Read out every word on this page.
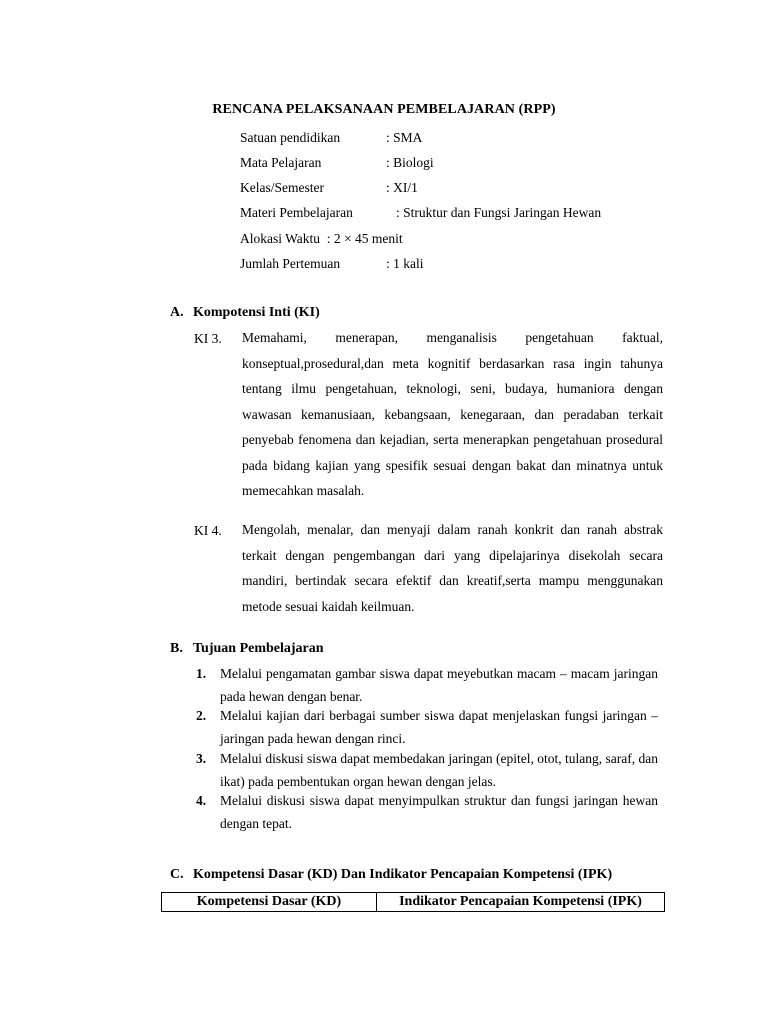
RENCANA PELAKSANAAN PEMBELAJARAN (RPP)
Satuan pendidikan	: SMA
Mata Pelajaran	: Biologi
Kelas/Semester	: XI/1
Materi Pembelajaran	: Struktur dan Fungsi Jaringan Hewan
Alokasi Waktu  : 2 × 45 menit
Jumlah Pertemuan	: 1 kali
A. Kompotensi Inti (KI)
KI 3. Memahami, menerapan, menganalisis pengetahuan faktual, konseptual,prosedural,dan meta kognitif berdasarkan rasa ingin tahunya tentang ilmu pengetahuan, teknologi, seni, budaya, humaniora dengan wawasan kemanusiaan, kebangsaan, kenegaraan, dan peradaban terkait penyebab fenomena dan kejadian, serta menerapkan pengetahuan prosedural pada bidang kajian yang spesifik sesuai dengan bakat dan minatnya untuk memecahkan masalah.
KI 4. Mengolah, menalar, dan menyaji dalam ranah konkrit dan ranah abstrak terkait dengan pengembangan dari yang dipelajarinya disekolah secara mandiri, bertindak secara efektif dan kreatif,serta mampu menggunakan metode sesuai kaidah keilmuan.
B. Tujuan Pembelajaran
1. Melalui pengamatan gambar siswa dapat meyebutkan macam – macam jaringan pada hewan dengan benar.
2. Melalui kajian dari berbagai sumber siswa dapat menjelaskan fungsi jaringan – jaringan pada hewan dengan rinci.
3. Melalui diskusi siswa dapat membedakan jaringan (epitel, otot, tulang, saraf, dan ikat) pada pembentukan organ hewan dengan jelas.
4. Melalui diskusi siswa dapat menyimpulkan struktur dan fungsi jaringan hewan dengan tepat.
C. Kompetensi Dasar (KD) Dan Indikator Pencapaian Kompetensi (IPK)
Kompetensi Dasar (KD)	Indikator Pencapaian Kompetensi (IPK)
